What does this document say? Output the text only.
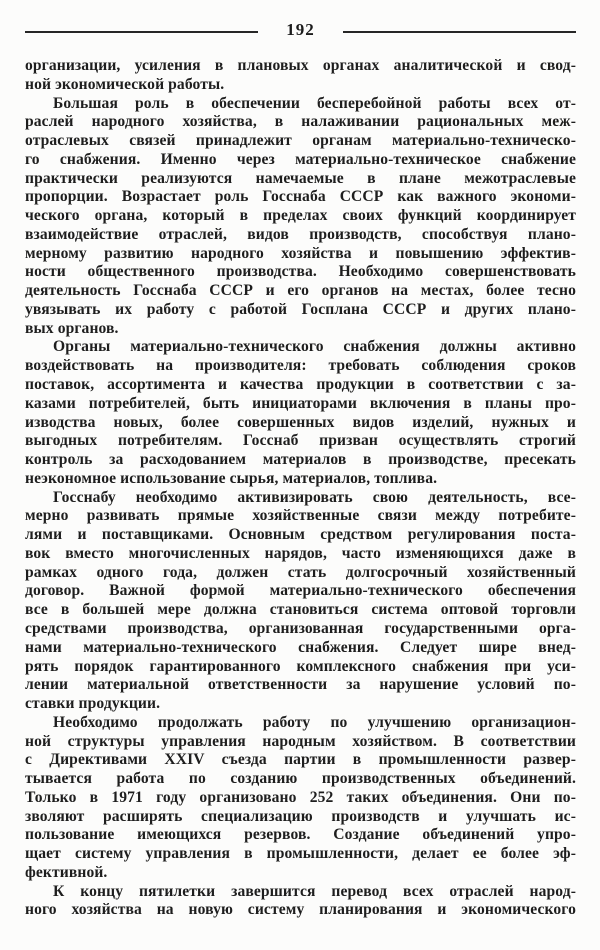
192
организации, усиления в плановых органах аналитической и свод-
ной экономической работы.
Большая роль в обеспечении бесперебойной работы всех от-
раслей народного хозяйства, в налаживании рациональных меж-
отраслевых связей принадлежит органам материально-техническо-
го снабжения. Именно через материально-техническое снабжение
практически реализуются намечаемые в плане межотраслевые
пропорции. Возрастает роль Госснаба СССР как важного экономи-
ческого органа, который в пределах своих функций координирует
взаимодействие отраслей, видов производств, способствуя плано-
мерному развитию народного хозяйства и повышению эффектив-
ности общественного производства. Необходимо совершенствовать
деятельность Госснаба СССР и его органов на местах, более тесно
увязывать их работу с работой Госплана СССР и других плано-
вых органов.
Органы материально-технического снабжения должны активно
воздействовать на производителя: требовать соблюдения сроков
поставок, ассортимента и качества продукции в соответствии с за-
казами потребителей, быть инициаторами включения в планы про-
изводства новых, более совершенных видов изделий, нужных и
выгодных потребителям. Госснаб призван осуществлять строгий
контроль за расходованием материалов в производстве, пресекать
неэкономное использование сырья, материалов, топлива.
Госснабу необходимо активизировать свою деятельность, все-
мерно развивать прямые хозяйственные связи между потребите-
лями и поставщиками. Основным средством регулирования поста-
вок вместо многочисленных нарядов, часто изменяющихся даже в
рамках одного года, должен стать долгосрочный хозяйственный
договор. Важной формой материально-технического обеспечения
все в большей мере должна становиться система оптовой торговли
средствами производства, организованная государственными орга-
нами материально-технического снабжения. Следует шире внед-
рять порядок гарантированного комплексного снабжения при уси-
лении материальной ответственности за нарушение условий по-
ставки продукции.
Необходимо продолжать работу по улучшению организацион-
ной структуры управления народным хозяйством. В соответствии
с Директивами XXIV съезда партии в промышленности развер-
тывается работа по созданию производственных объединений.
Только в 1971 году организовано 252 таких объединения. Они по-
зволяют расширять специализацию производств и улучшать ис-
пользование имеющихся резервов. Создание объединений упро-
щает систему управления в промышленности, делает ее более эф-
фективной.
К концу пятилетки завершится перевод всех отраслей народ-
ного хозяйства на новую систему планирования и экономического
